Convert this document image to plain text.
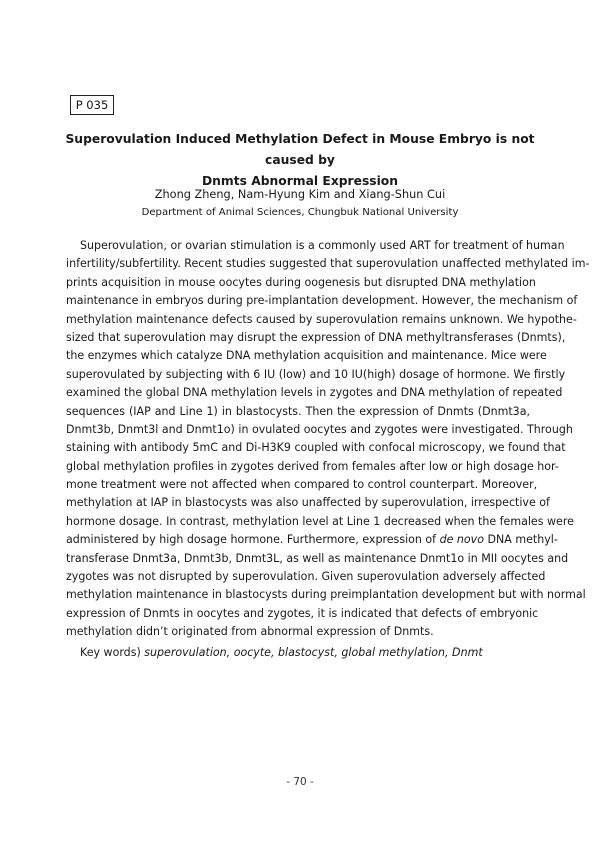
P 035
Superovulation Induced Methylation Defect in Mouse Embryo is not caused by
Dnmts Abnormal Expression
Zhong Zheng, Nam-Hyung Kim and Xiang-Shun Cui
Department of Animal Sciences, Chungbuk National University
Superovulation, or ovarian stimulation is a commonly used ART for treatment of human
infertility/subfertility. Recent studies suggested that superovulation unaffected methylated im-
prints acquisition in mouse oocytes during oogenesis but disrupted DNA methylation
maintenance in embryos during pre-implantation development. However, the mechanism of
methylation maintenance defects caused by superovulation remains unknown. We hypothe-
sized that superovulation may disrupt the expression of DNA methyltransferases (Dnmts),
the enzymes which catalyze DNA methylation acquisition and maintenance. Mice were
superovulated by subjecting with 6 IU (low) and 10 IU(high) dosage of hormone. We firstly
examined the global DNA methylation levels in zygotes and DNA methylation of repeated
sequences (IAP and Line 1) in blastocysts. Then the expression of Dnmts (Dnmt3a,
Dnmt3b, Dnmt3l and Dnmt1o) in ovulated oocytes and zygotes were investigated. Through
staining with antibody 5mC and Di-H3K9 coupled with confocal microscopy, we found that
global methylation profiles in zygotes derived from females after low or high dosage hor-
mone treatment were not affected when compared to control counterpart. Moreover,
methylation at IAP in blastocysts was also unaffected by superovulation, irrespective of
hormone dosage. In contrast, methylation level at Line 1 decreased when the females were
administered by high dosage hormone. Furthermore, expression of de novo DNA methyl-
transferase Dnmt3a, Dnmt3b, Dnmt3L, as well as maintenance Dnmt1o in MII oocytes and
zygotes was not disrupted by superovulation. Given superovulation adversely affected
methylation maintenance in blastocysts during preimplantation development but with normal
expression of Dnmts in oocytes and zygotes, it is indicated that defects of embryonic
methylation didn’t originated from abnormal expression of Dnmts.
Key words) superovulation, oocyte, blastocyst, global methylation, Dnmt
- 70 -
